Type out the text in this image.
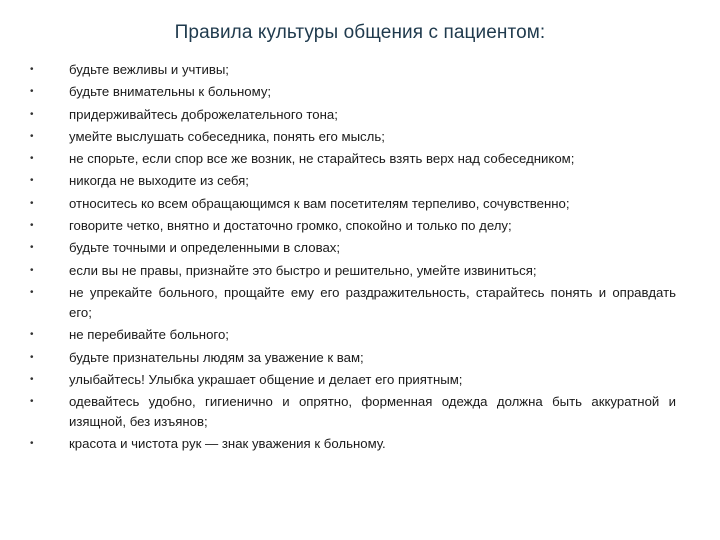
Правила культуры общения с пациентом:
•	будьте вежливы и учтивы;
•	будьте внимательны к больному;
•	придерживайтесь доброжелательного тона;
•	умейте выслушать собеседника, понять его мысль;
•	не спорьте, если спор все же возник, не старайтесь взять верх над собеседником;
•	никогда не выходите из себя;
•	относитесь ко всем обращающимся к вам посетителям терпеливо, сочувственно;
•	говорите четко, внятно и достаточно громко, спокойно и только по делу;
•	будьте точными и определенными в словах;
•	если вы не правы, признайте это быстро и решительно, умейте извиниться;
•	не упрекайте больного, прощайте ему его раздражительность, старайтесь понять и оправдать его;
•	не перебивайте больного;
•	будьте признательны людям за уважение к вам;
•	улыбайтесь! Улыбка украшает общение и делает его приятным;
•	одевайтесь удобно, гигиенично и опрятно, форменная одежда должна быть аккуратной и изящной, без изъянов;
•	красота и чистота рук — знак уважения к больному.
